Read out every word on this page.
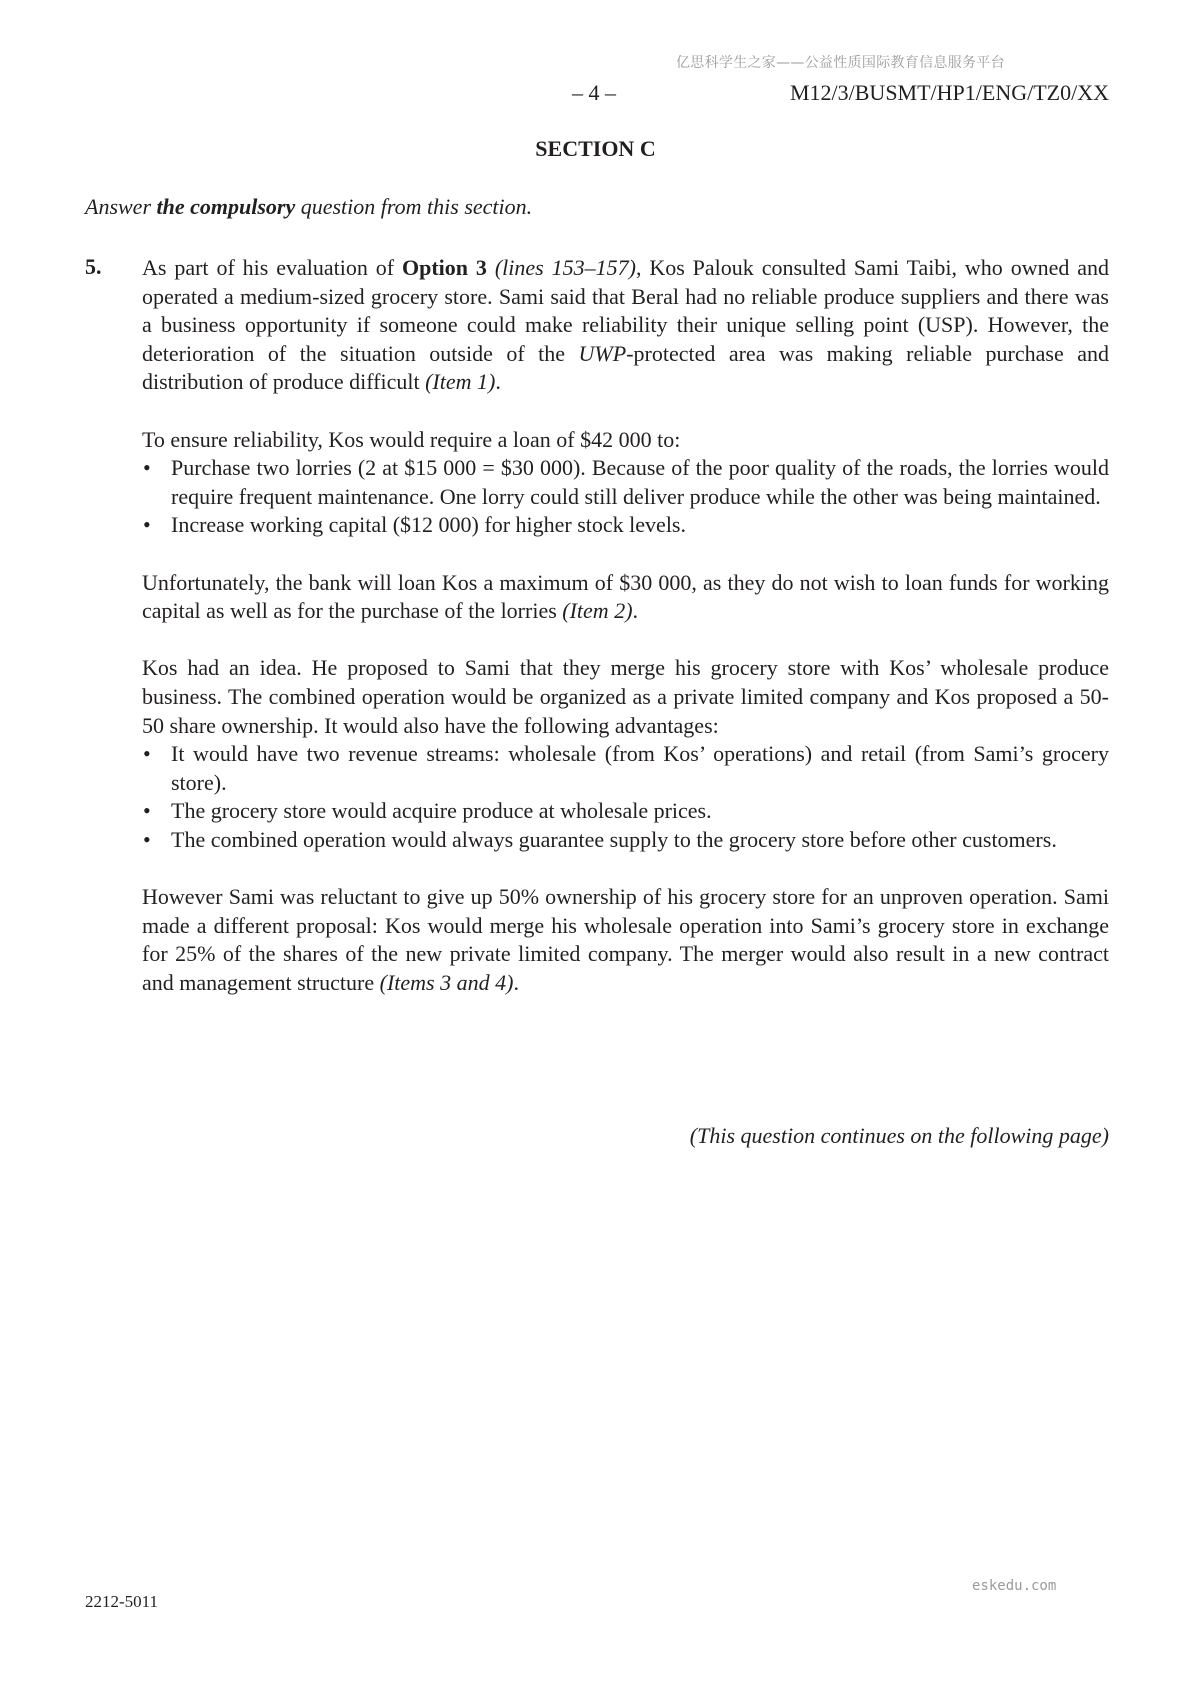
亿思科学生之家——公益性质国际教育信息服务平台
– 4 –	M12/3/BUSMT/HP1/ENG/TZ0/XX
SECTION C
Answer the compulsory question from this section.
5. As part of his evaluation of Option 3 (lines 153–157), Kos Palouk consulted Sami Taibi, who owned and operated a medium-sized grocery store. Sami said that Beral had no reliable produce suppliers and there was a business opportunity if someone could make reliability their unique selling point (USP). However, the deterioration of the situation outside of the UWP-protected area was making reliable purchase and distribution of produce difficult (Item 1).

To ensure reliability, Kos would require a loan of $42 000 to:

• Purchase two lorries (2 at $15 000 = $30 000). Because of the poor quality of the roads, the lorries would require frequent maintenance. One lorry could still deliver produce while the other was being maintained.
• Increase working capital ($12 000) for higher stock levels.

Unfortunately, the bank will loan Kos a maximum of $30 000, as they do not wish to loan funds for working capital as well as for the purchase of the lorries (Item 2).

Kos had an idea. He proposed to Sami that they merge his grocery store with Kos’ wholesale produce business. The combined operation would be organized as a private limited company and Kos proposed a 50-50 share ownership. It would also have the following advantages:

• It would have two revenue streams: wholesale (from Kos’ operations) and retail (from Sami’s grocery store).
• The grocery store would acquire produce at wholesale prices.
• The combined operation would always guarantee supply to the grocery store before other customers.

However Sami was reluctant to give up 50% ownership of his grocery store for an unproven operation. Sami made a different proposal: Kos would merge his wholesale operation into Sami’s grocery store in exchange for 25% of the shares of the new private limited company. The merger would also result in a new contract and management structure (Items 3 and 4).

(This question continues on the following page)
eskedu.com
2212-5011
